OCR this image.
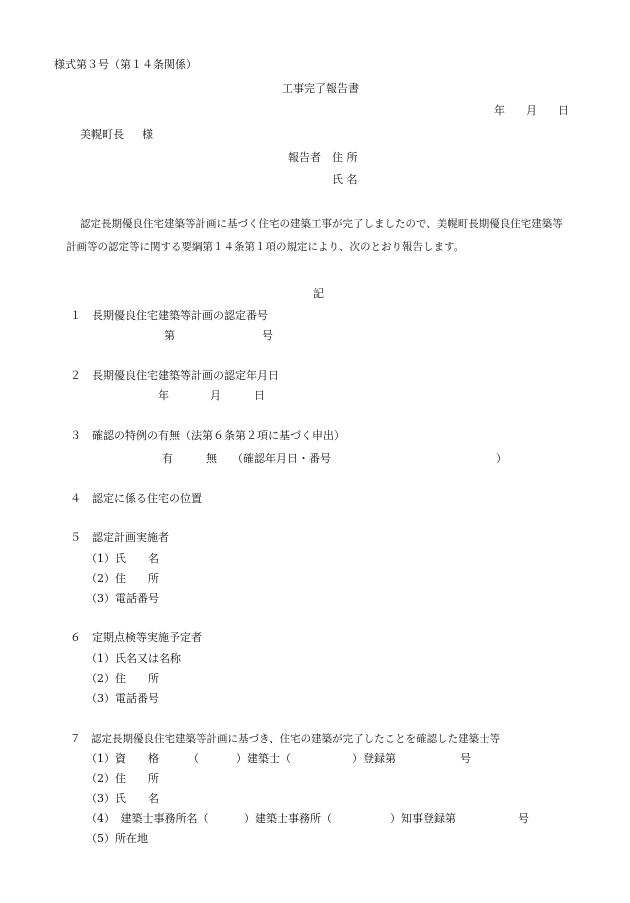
様式第３号（第１４条関係）
工事完了報告書
年 月 日
美幌町長 様
報告者 住 所
氏 名
認定長期優良住宅建築等計画に基づく住宅の建築工事が完了しましたので、美幌町長期優良住宅建築等
計画等の認定等に関する要綱第１４条第１項の規定により、次のとおり報告します。
記
１　長期優良住宅建築等計画の認定番号
第	号
２　長期優良住宅建築等計画の認定年月日
年	月	日
３　確認の特例の有無（法第６条第２項に基づく申出）
有	無 （確認年月日・番号	）
４　認定に係る住宅の位置
５　認定計画実施者
（1）氏　　名
（2）住　　所
（3）電話番号
６　定期点検等実施予定者
（1）氏名又は名称
（2）住　　所
（3）電話番号
７　認定長期優良住宅建築等計画に基づき、住宅の建築が完了したことを確認した建築士等
（1）資　　格	（	）建築士（	）登録第	号
（2）住　　所
（3）氏　　名
（4）　建築士事務所名（	）建築士事務所（	）知事登録第	号
（5）所在地
